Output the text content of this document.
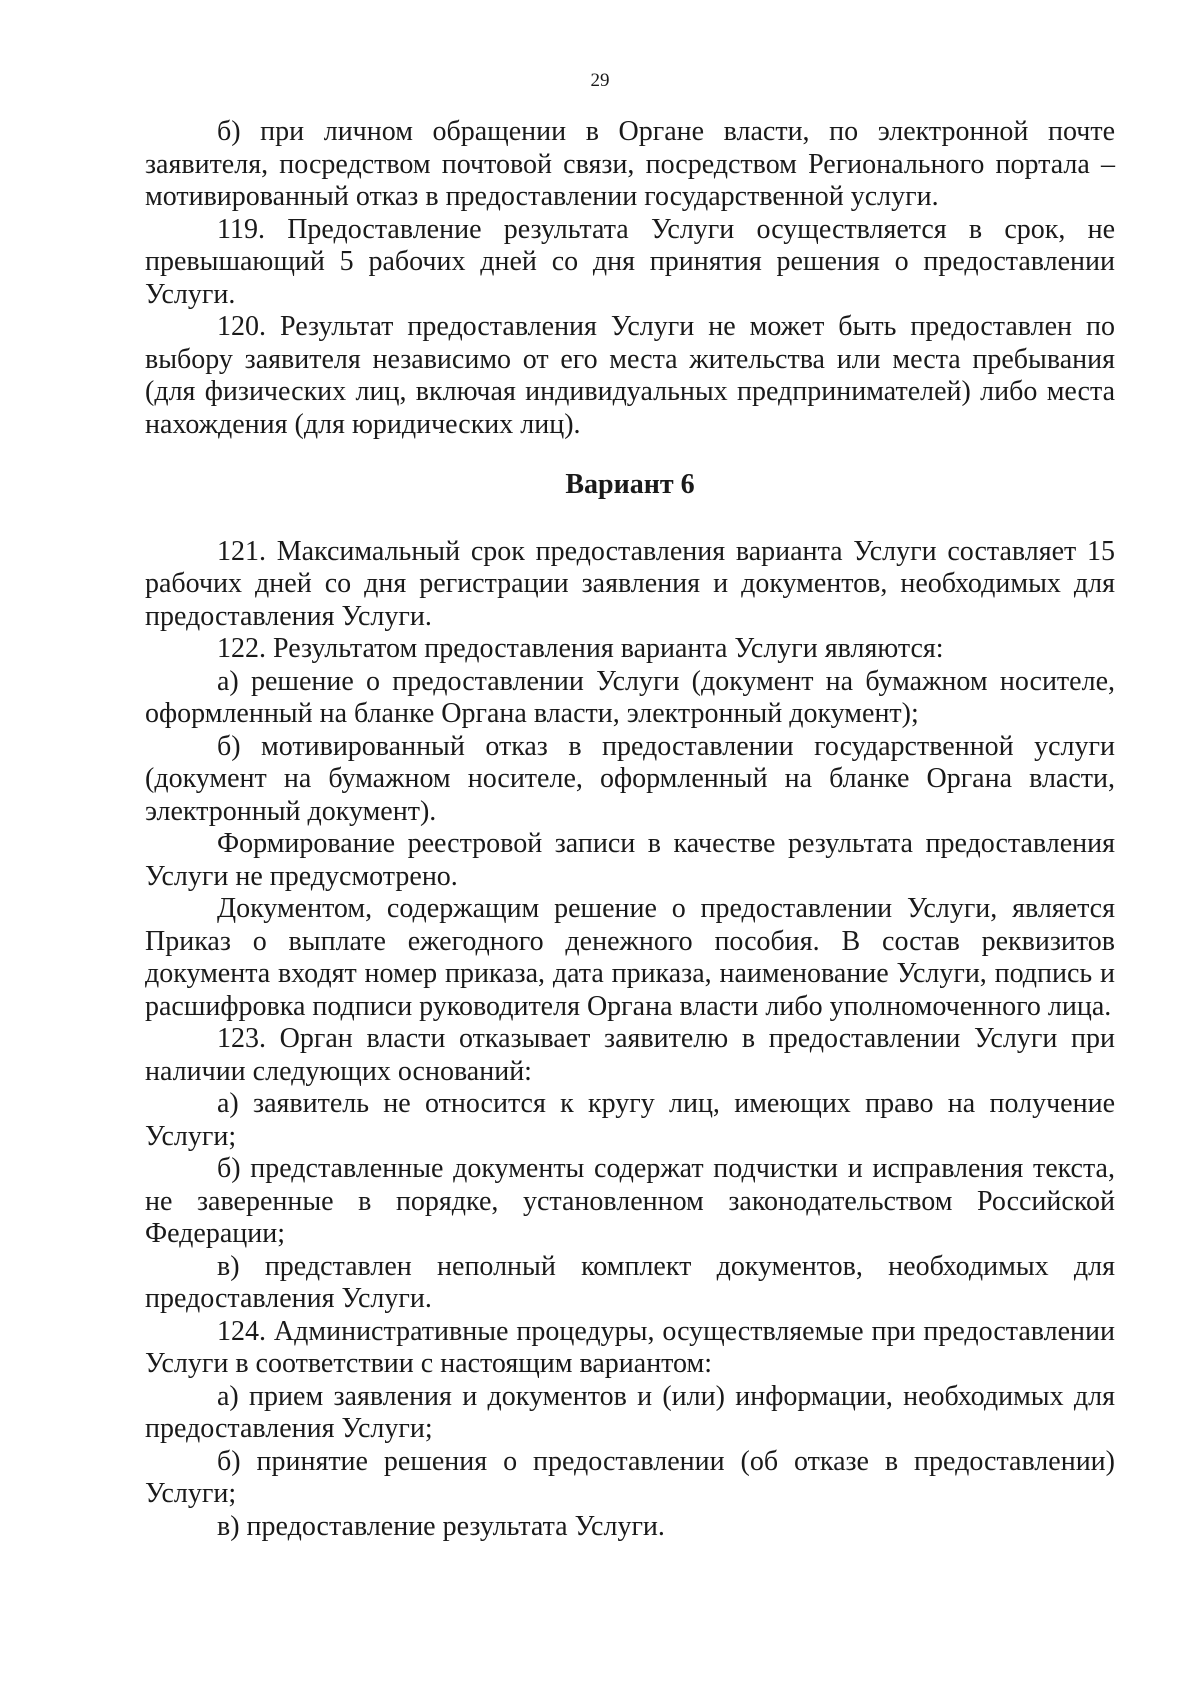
29

б) при личном обращении в Органе власти, по электронной почте заявителя, посредством почтовой связи, посредством Регионального портала – мотивированный отказ в предоставлении государственной услуги.

119. Предоставление результата Услуги осуществляется в срок, не превышающий 5 рабочих дней со дня принятия решения о предоставлении Услуги.

120. Результат предоставления Услуги не может быть предоставлен по выбору заявителя независимо от его места жительства или места пребывания (для физических лиц, включая индивидуальных предпринимателей) либо места нахождения (для юридических лиц).

Вариант 6

121. Максимальный срок предоставления варианта Услуги составляет 15 рабочих дней со дня регистрации заявления и документов, необходимых для предоставления Услуги.

122. Результатом предоставления варианта Услуги являются:

а) решение о предоставлении Услуги (документ на бумажном носителе, оформленный на бланке Органа власти, электронный документ);

б) мотивированный отказ в предоставлении государственной услуги (документ на бумажном носителе, оформленный на бланке Органа власти, электронный документ).

Формирование реестровой записи в качестве результата предоставления Услуги не предусмотрено.

Документом, содержащим решение о предоставлении Услуги, является Приказ о выплате ежегодного денежного пособия. В состав реквизитов документа входят номер приказа, дата приказа, наименование Услуги, подпись и расшифровка подписи руководителя Органа власти либо уполномоченного лица.

123. Орган власти отказывает заявителю в предоставлении Услуги при наличии следующих оснований:

а) заявитель не относится к кругу лиц, имеющих право на получение Услуги;

б) представленные документы содержат подчистки и исправления текста, не заверенные в порядке, установленном законодательством Российской Федерации;

в) представлен неполный комплект документов, необходимых для предоставления Услуги.

124. Административные процедуры, осуществляемые при предоставлении Услуги в соответствии с настоящим вариантом:

а) прием заявления и документов и (или) информации, необходимых для предоставления Услуги;

б) принятие решения о предоставлении (об отказе в предоставлении) Услуги;

в) предоставление результата Услуги.
